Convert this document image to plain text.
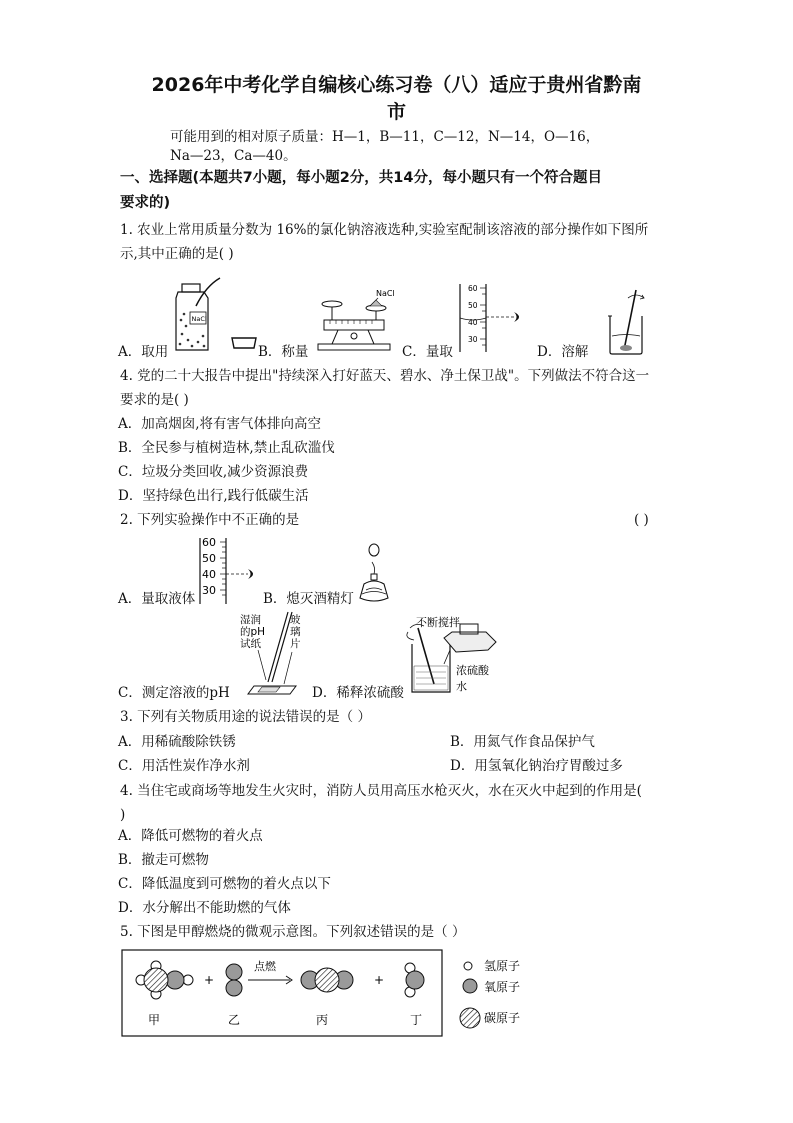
2026年中考化学自编核心练习卷（八）适应于贵州省黔南
市
可能用到的相对原子质量：H—1，B—11，C—12，N—14，O—16，
Na—23，Ca—40。
一、选择题(本题共7小题，每小题2分，共14分，每小题只有一个符合题目
要求的)
1. 农业上常用质量分数为 16%的氯化钠溶液选种,实验室配制该溶液的部分操作如下图所
示,其中正确的是( )
NaCl
A．取用	B．称量
NaCl
60
50
40
30
C．量取	D．溶解
4. 党的二十大报告中提出"持续深入打好蓝天、碧水、净土保卫战"。下列做法不符合这一
要求的是( )
A．加高烟囱,将有害气体排向高空
B．全民参与植树造林,禁止乱砍滥伐
C．垃圾分类回收,减少资源浪费
D．坚持绿色出行,践行低碳生活
2. 下列实验操作中不正确的是	( )
60
50
40
30
A．量取液体	B．熄灭酒精灯
湿润
的pH
试纸
玻
璃
片
C．测定溶液的pH	D．稀释浓硫酸
不断搅拌
浓硫酸
水
3. 下列有关物质用途的说法错误的是（ ）
A．用稀硫酸除铁锈	B．用氮气作食品保护气
C．用活性炭作净水剂	D．用氢氧化钠治疗胃酸过多
4. 当住宅或商场等地发生火灾时，消防人员用高压水枪灭火，水在灭火中起到的作用是(
)
A．降低可燃物的着火点
B．撤走可燃物
C．降低温度到可燃物的着火点以下
D．水分解出不能助燃的气体
5. 下图是甲醇燃烧的微观示意图。下列叙述错误的是（ ）
+
点燃
+
甲	乙	丙	丁
氢原子
氧原子
碳原子
